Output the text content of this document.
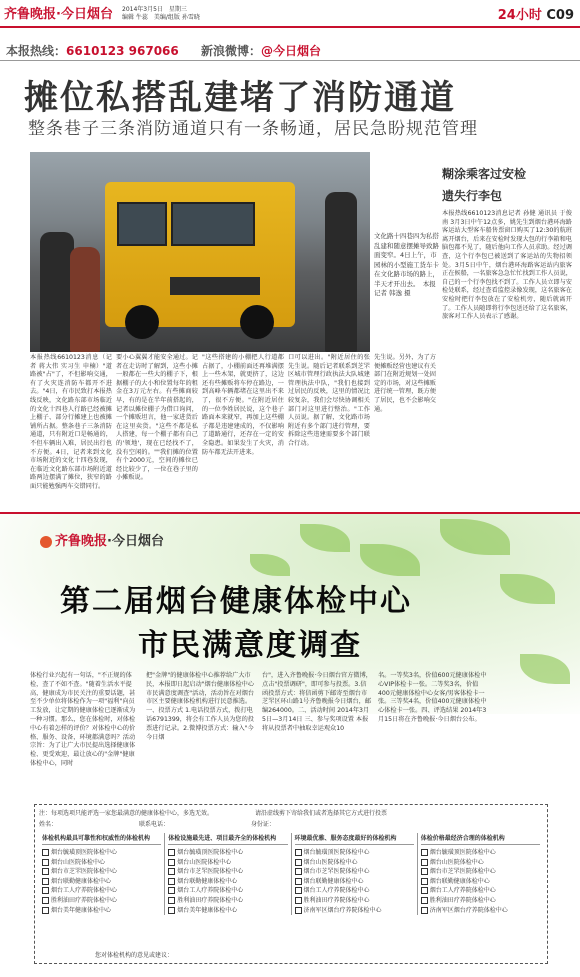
齐鲁晚报·今日烟台 2014年3月5日　星期三
编辑 牛蕊　美编/组版 孙雪晓	24小时 C09
本报热线：6610123 967066 新浪微博：@今日烟台
摊位私搭乱建堵了消防通道
整条巷子三条消防通道只有一条畅通，居民急盼规范管理
文化路十四巷四为私搭乱建和随意摆摊导致路面变窄。4日上午，市园林的小型施工货车卡在文化路市场的路上，半天才开出去。　本报记者 韩逸 摄
糊涂乘客过安检
遗失行李包
本报热线6610123消息（记者 蒋大伟 实习生 申楠）"道路被"占"了，不但影响交通，有了火灾连消防车都开不进去。"4日，有市民致打本报热线反映，文化路东部市场临近的文化十四巷人行路已经被摊上棚子、部分行摊建上也被摊铺所占据。整条巷子三条消防通道，只有附近口是畅通的，不但车辆出入难，居民出行也不方便。4日，记者来到文化市场附近的文化十四巷发现，在临近文化路东部市场附近道路两边摆满了摊位，狭窄的路面只能勉强两车交错同行。
要小心翼翼才能安全通过。记者在走访时了解到，这些小摊一般都在一些大的棚子下，根据棚子的大小和位置每年的租金在3万元左右。有些摊商较早，有的是在半年前搭起的，记者以摊位棚子为借口询问，一个摊贩坦言，他一家进货后在这里卖货。"这些不都是私人搭建，每一个棚子都有自己的'领地'，现在已经找不了，没有空闲的。""我们摊的位置有个2000元，空间的摊位已经比较少了，一位在巷子里的小摊贩说。
"这些搭建的小棚把人行道都占据了，小棚前面还再堆满摆上一些木架，就更挤了，这边还有些摊贩将车停在路边，一到高峰车辆都堵在这里出不来了，很不方便。"在附近居住的一位李姓居民说，这个巷子路面本来就窄，再加上这些棚子都是违建建成的，不仅影响了道路通行，还存在一定的安全隐患。如果发生了火灾，消防车都无法开进来。
口可以进出。"附近居住的张先生说。随后记者联系到芝罘区城市管理行政执法大队城建管理执法中队，"我们也接到过居民的反映，这里的情况比较复杂，我们会尽快协调相关部门对这里进行整治。"工作人员说。据了解，文化路市场附近有多个部门进行管理，要拆除这些违建需要多个部门联合行动。
先生说。另外，为了方便摊贩经营也建议有关部门在附近规划一处固定的市场，对这些摊贩进行统一管理，既方便了居民，也不会影响交通。
本报热线6610123消息记者 孙健 通讯员 于俊南 3月3日中午12点多，姚先生到烟台港环海路客运站大型客车船售票窗口购买了12:30的航班离开烟台，后来在安检时发现大包的行李箱和电脑包都不见了，随后他向工作人员求助。经过调查，这个行李包已被送到了客运站的失物招领处。3月5日中午，烟台港环海路客运站内旅客正在候船，一名旅客急急忙忙找到工作人员说，自己的一个行李包找不到了。工作人员立即与安检处联系，经过查看监控录像发现，这名旅客在安检时把行李包放在了安检机旁，随后就离开了。工作人员随即将行李包送还给了这名旅客，旅客对工作人员表示了感谢。
齐鲁晚报·今日烟台
第二届烟台健康体检中心
市民满意度调查
体检行业兴起有一句话，"不正规的体检，查了不如不查。"随着生活水平提高，健康成为市民关注的重要话题，甚至不少单位将体检作为一项"福利"向员工发放，让定期的健康体检已逐渐成为一种习惯。那么，您在体检时，对体检中心有着怎样的评价？对体检中心的价格、服务、设备，环境都满意吗？活动宗旨：为了让广大市民提出选择健康体检、更受欢迎，最让放心的"金牌"健康体检中心，同时
把"金牌"的健康体检中心推荐给广大市民，本报即日起启动"烟台健康体检中心市民满意度调查"活动，活动旨在对烟台市区主要健康体检机构进行民意推选。一、投票方式 1.电话投票方式，拨打电话6791399，将会有工作人员为您的投票进行记录。2.微博投票方式：输入"今今日烟
台"，进入齐鲁晚报·今日烟台官方微博，点击"投票调研"，即可参与投票。3.信函投票方式：将信函剪下邮寄至烟台市芝罘区环山路1号齐鲁晚报今日烟台，邮编264000。二、活动时间 2014年3月5日—3月14日 三、参与奖项设置 本报将从投票者中抽取幸运观众10
名。一等奖3名，价值600元健康体检中心VIP体检卡一张。二等奖3名，价值400元健康体检中心女客/男客体检卡一张。三等奖4名，价值400元健康体检中心体检卡一张。四、评选结果 2014年3月15日将在齐鲁晚报·今日烟台公布。
注：每项选项只能评选一家您最满意的健康体检中心，多选无效。	请沿虚线剪下寄给我们或者选择其它方式进行投票
姓名：	联系电话：	身份证：
体检机构最具可靠性和权威性的体检机构
烟台毓璜顶医院体检中心
烟台山医院体检中心
烟台市芝罘医院体检中心
烟台联勤健康体检中心
烟台工人疗养院体检中心
胜利油田疗养院体检中心
烟台美年健康体检中心
体检设施最先进、项目最齐全的体检机构
烟台毓璜顶医院体检中心
烟台山医院体检中心
烟台市芝罘医院体检中心
烟台联勤健康体检中心
烟台工人疗养院体检中心
胜利油田疗养院体检中心
烟台美年健康体检中心
环境最优雅、服务态度最好的体检机构
烟台毓璜顶医院体检中心
烟台山医院体检中心
烟台市芝罘医院体检中心
烟台联勤健康体检中心
烟台工人疗养院体检中心
胜利油田疗养院体检中心
济南军区烟台疗养院体检中心
体检价格最经济合理的体检机构
烟台毓璜顶医院体检中心
烟台山医院体检中心
烟台市芝罘医院体检中心
烟台联勤健康体检中心
烟台工人疗养院体检中心
胜利油田疗养院体检中心
济南军区烟台疗养院体检中心
您对体检机构的意见或建议：
